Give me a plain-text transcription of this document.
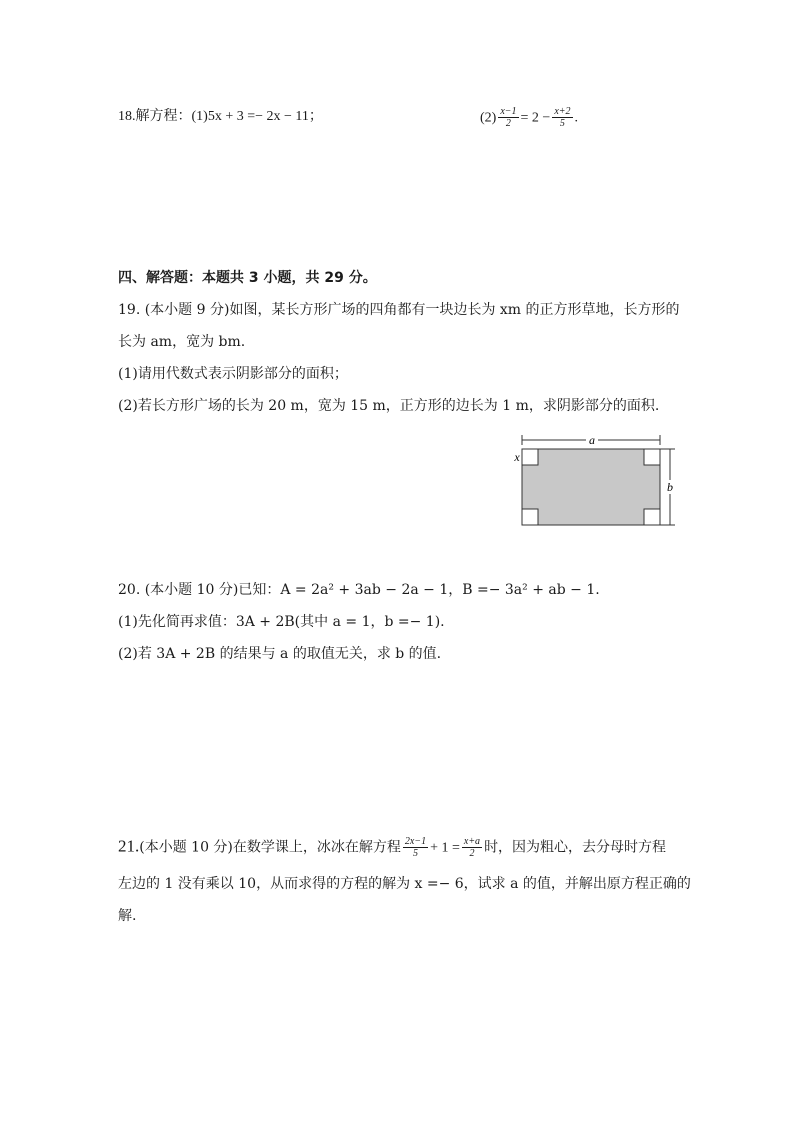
18.解方程：(1)5x + 3 =− 2x − 11；	$(2) \frac{x-1}{2} = 2 - \frac{x+2}{5}$ .
四、解答题：本题共 3 小题，共 29 分。
19. (本小题 9 分)如图，某长方形广场的四角都有一块边长为 xm 的正方形草地，长方形的
长为 am，宽为 bm.
(1)请用代数式表示阴影部分的面积；
(2)若长方形广场的长为 20 m，宽为 15 m，正方形的边长为 1 m，求阴影部分的面积.
a
x
b
20. (本小题 10 分)已知：A = 2a² + 3ab − 2a − 1，B =− 3a² + ab − 1.
(1)先化简再求值：3A + 2B(其中 a = 1，b =− 1).
(2)若 3A + 2B 的结果与 a 的取值无关，求 b 的值.
21.(本小题 10 分)在数学课上，冰冰在解方程 $\frac{2x-1}{5} + 1 = \frac{x+a}{2}$ 时，因为粗心，去分母时方程
左边的 1 没有乘以 10，从而求得的方程的解为 x =− 6，试求 a 的值，并解出原方程正确的
解.
